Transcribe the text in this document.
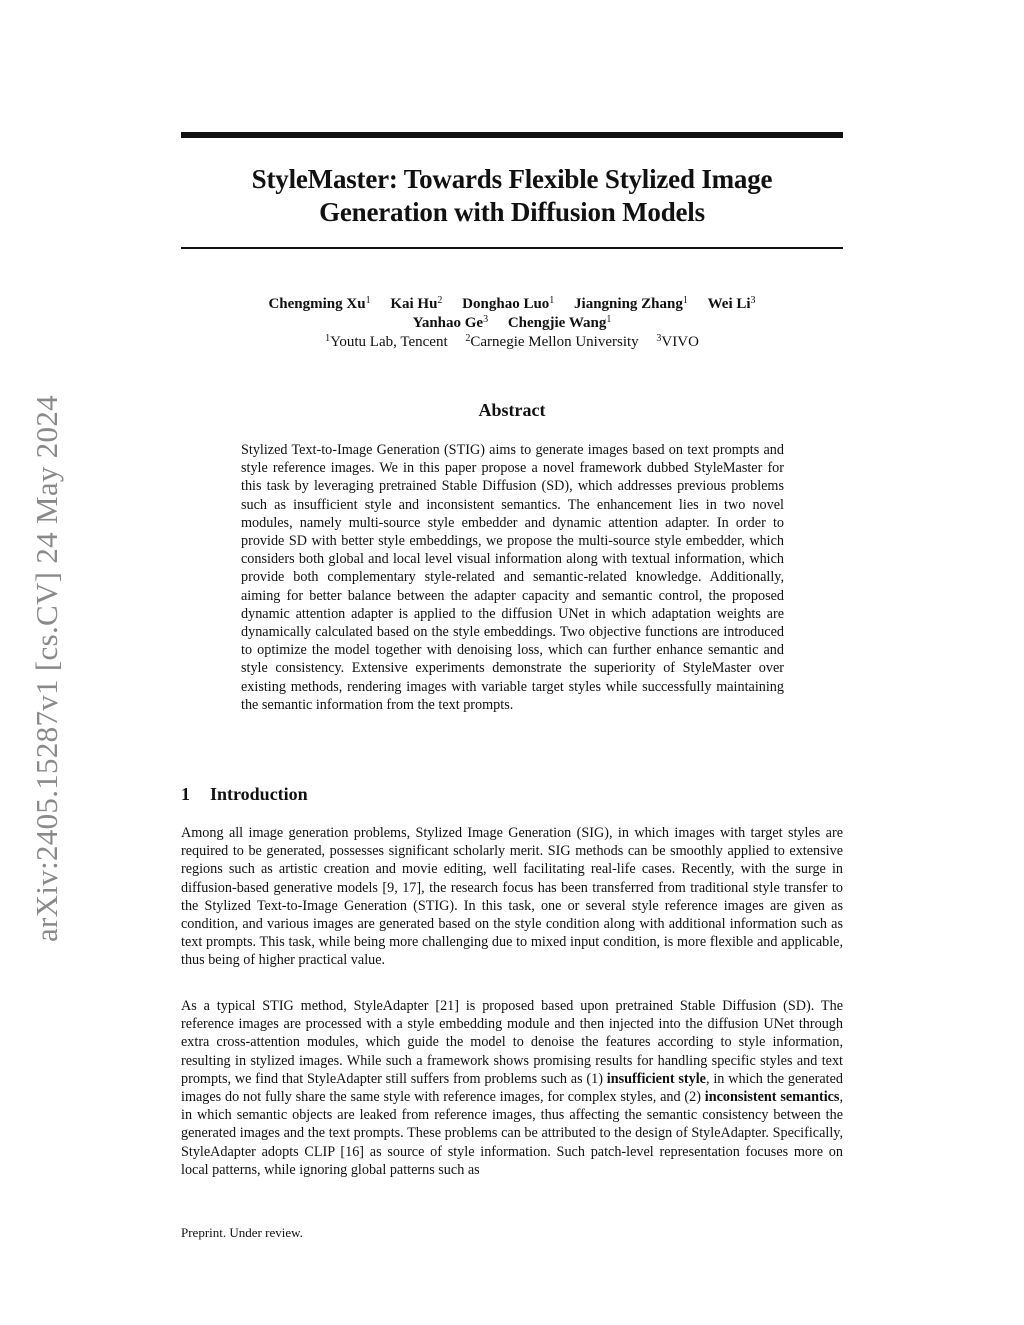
arXiv:2405.15287v1 [cs.CV] 24 May 2024
StyleMaster: Towards Flexible Stylized Image
Generation with Diffusion Models
Chengming Xu$^1$ Kai Hu$^2$ Donghao Luo$^1$ Jiangning Zhang$^1$ Wei Li$^3$
Yanhao Ge$^3$ Chengjie Wang$^1$
$^1$Youtu Lab, Tencent $^2$Carnegie Mellon University $^3$VIVO
Abstract

Stylized Text-to-Image Generation (STIG) aims to generate images based on text prompts and style reference images. We in this paper propose a novel framework dubbed StyleMaster for this task by leveraging pretrained Stable Diffusion (SD), which addresses previous problems such as insufficient style and inconsistent semantics. The enhancement lies in two novel modules, namely multi-source style embedder and dynamic attention adapter. In order to provide SD with better style embeddings, we propose the multi-source style embedder, which considers both global and local level visual information along with textual information, which provide both complementary style-related and semantic-related knowledge. Additionally, aiming for better balance between the adapter capacity and semantic control, the proposed dynamic attention adapter is applied to the diffusion UNet in which adaptation weights are dynamically calculated based on the style embeddings. Two objective functions are introduced to optimize the model together with denoising loss, which can further enhance semantic and style consistency. Extensive experiments demonstrate the superiority of StyleMaster over existing methods, rendering images with variable target styles while successfully maintaining the semantic information from the text prompts.

1 Introduction

Among all image generation problems, Stylized Image Generation (SIG), in which images with target styles are required to be generated, possesses significant scholarly merit. SIG methods can be smoothly applied to extensive regions such as artistic creation and movie editing, well facilitating real-life cases. Recently, with the surge in diffusion-based generative models [9, 17], the research focus has been transferred from traditional style transfer to the Stylized Text-to-Image Generation (STIG). In this task, one or several style reference images are given as condition, and various images are generated based on the style condition along with additional information such as text prompts. This task, while being more challenging due to mixed input condition, is more flexible and applicable, thus being of higher practical value.

As a typical STIG method, StyleAdapter [21] is proposed based upon pretrained Stable Diffusion (SD). The reference images are processed with a style embedding module and then injected into the diffusion UNet through extra cross-attention modules, which guide the model to denoise the features according to style information, resulting in stylized images. While such a framework shows promising results for handling specific styles and text prompts, we find that StyleAdapter still suffers from problems such as (1) insufficient style, in which the generated images do not fully share the same style with reference images, for complex styles, and (2) inconsistent semantics, in which semantic objects are leaked from reference images, thus affecting the semantic consistency between the generated images and the text prompts. These problems can be attributed to the design of StyleAdapter. Specifically, StyleAdapter adopts CLIP [16] as source of style information. Such patch-level representation focuses more on local patterns, while ignoring global patterns such as

Preprint. Under review.
